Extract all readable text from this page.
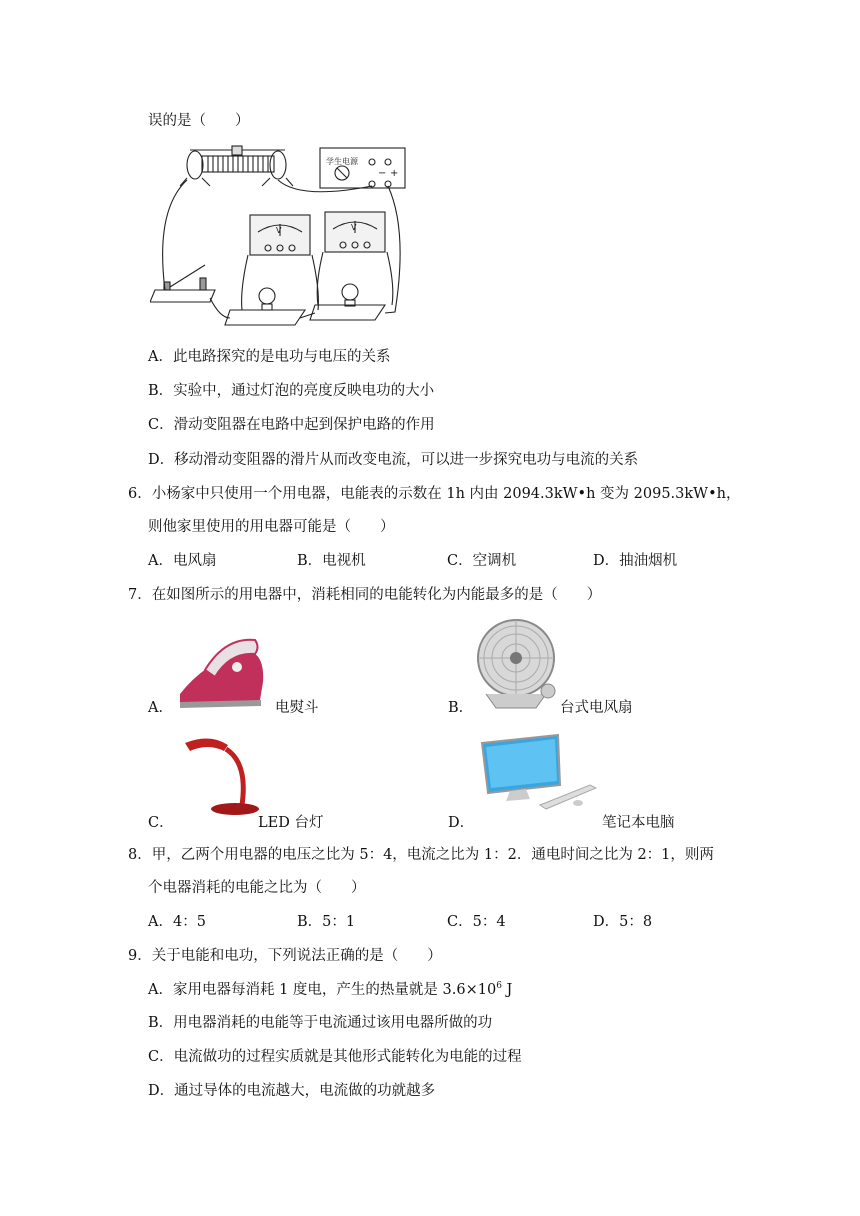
误的是（　　）
学生电源
− +
V	V
A．此电路探究的是电功与电压的关系
B．实验中，通过灯泡的亮度反映电功的大小
C．滑动变阻器在电路中起到保护电路的作用
D．移动滑动变阻器的滑片从而改变电流，可以进一步探究电功与电流的关系
6．小杨家中只使用一个用电器，电能表的示数在 1h 内由 2094.3kW•h 变为 2095.3kW•h，
则他家里使用的用电器可能是（　　）
A．电风扇	B．电视机	C．空调机	D．抽油烟机
7．在如图所示的用电器中，消耗相同的电能转化为内能最多的是（　　）
A．	电熨斗	B．	台式电风扇
C．	LED 台灯	D．	笔记本电脑
8．甲，乙两个用电器的电压之比为 5：4，电流之比为 1：2．通电时间之比为 2：1，则两
个电器消耗的电能之比为（　　）
A．4：5	B．5：1	C．5：4	D．5：8
9．关于电能和电功，下列说法正确的是（　　）
A．家用电器每消耗 1 度电，产生的热量就是 $3.6\times 10^6$ J
B．用电器消耗的电能等于电流通过该用电器所做的功
C．电流做功的过程实质就是其他形式能转化为电能的过程
D．通过导体的电流越大，电流做的功就越多
